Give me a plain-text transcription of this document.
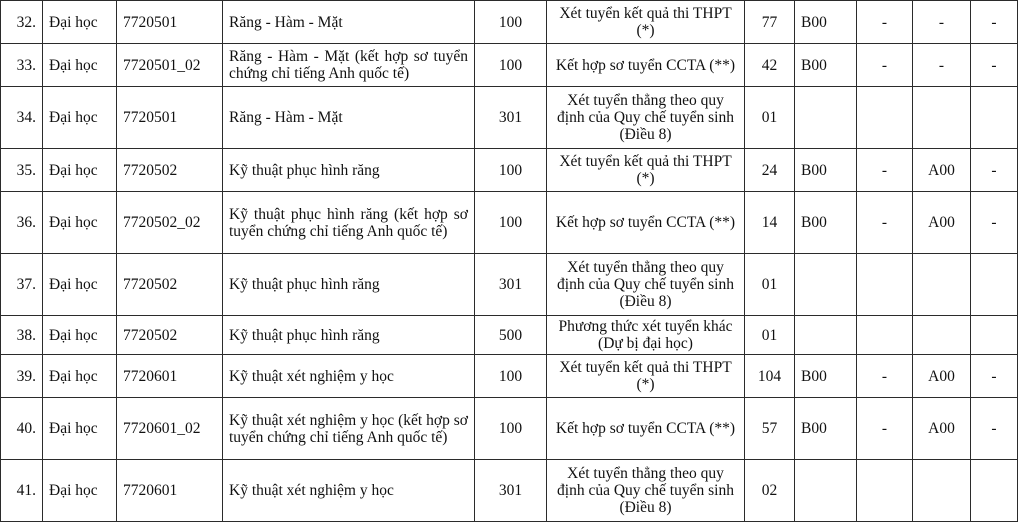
32.	Đại học	7720501	Răng - Hàm - Mặt	100	Xét tuyển kết quả thi THPT (*)	77	B00	-	-	-
33.	Đại học	7720501_02	Răng - Hàm - Mặt (kết hợp sơ tuyển chứng chỉ tiếng Anh quốc tế)	100	Kết hợp sơ tuyển CCTA (**)	42	B00	-	-	-
34.	Đại học	7720501	Răng - Hàm - Mặt	301	Xét tuyển thẳng theo quy định của Quy chế tuyển sinh (Điều 8)	01				
35.	Đại học	7720502	Kỹ thuật phục hình răng	100	Xét tuyển kết quả thi THPT (*)	24	B00	-	A00	-
36.	Đại học	7720502_02	Kỹ thuật phục hình răng (kết hợp sơ tuyển chứng chỉ tiếng Anh quốc tế)	100	Kết hợp sơ tuyển CCTA (**)	14	B00	-	A00	-
37.	Đại học	7720502	Kỹ thuật phục hình răng	301	Xét tuyển thẳng theo quy định của Quy chế tuyển sinh (Điều 8)	01				
38.	Đại học	7720502	Kỹ thuật phục hình răng	500	Phương thức xét tuyển khác (Dự bị đại học)	01				
39.	Đại học	7720601	Kỹ thuật xét nghiệm y học	100	Xét tuyển kết quả thi THPT (*)	104	B00	-	A00	-
40.	Đại học	7720601_02	Kỹ thuật xét nghiệm y học (kết hợp sơ tuyển chứng chỉ tiếng Anh quốc tế)	100	Kết hợp sơ tuyển CCTA (**)	57	B00	-	A00	-
41.	Đại học	7720601	Kỹ thuật xét nghiệm y học	301	Xét tuyển thẳng theo quy định của Quy chế tuyển sinh (Điều 8)	02				
